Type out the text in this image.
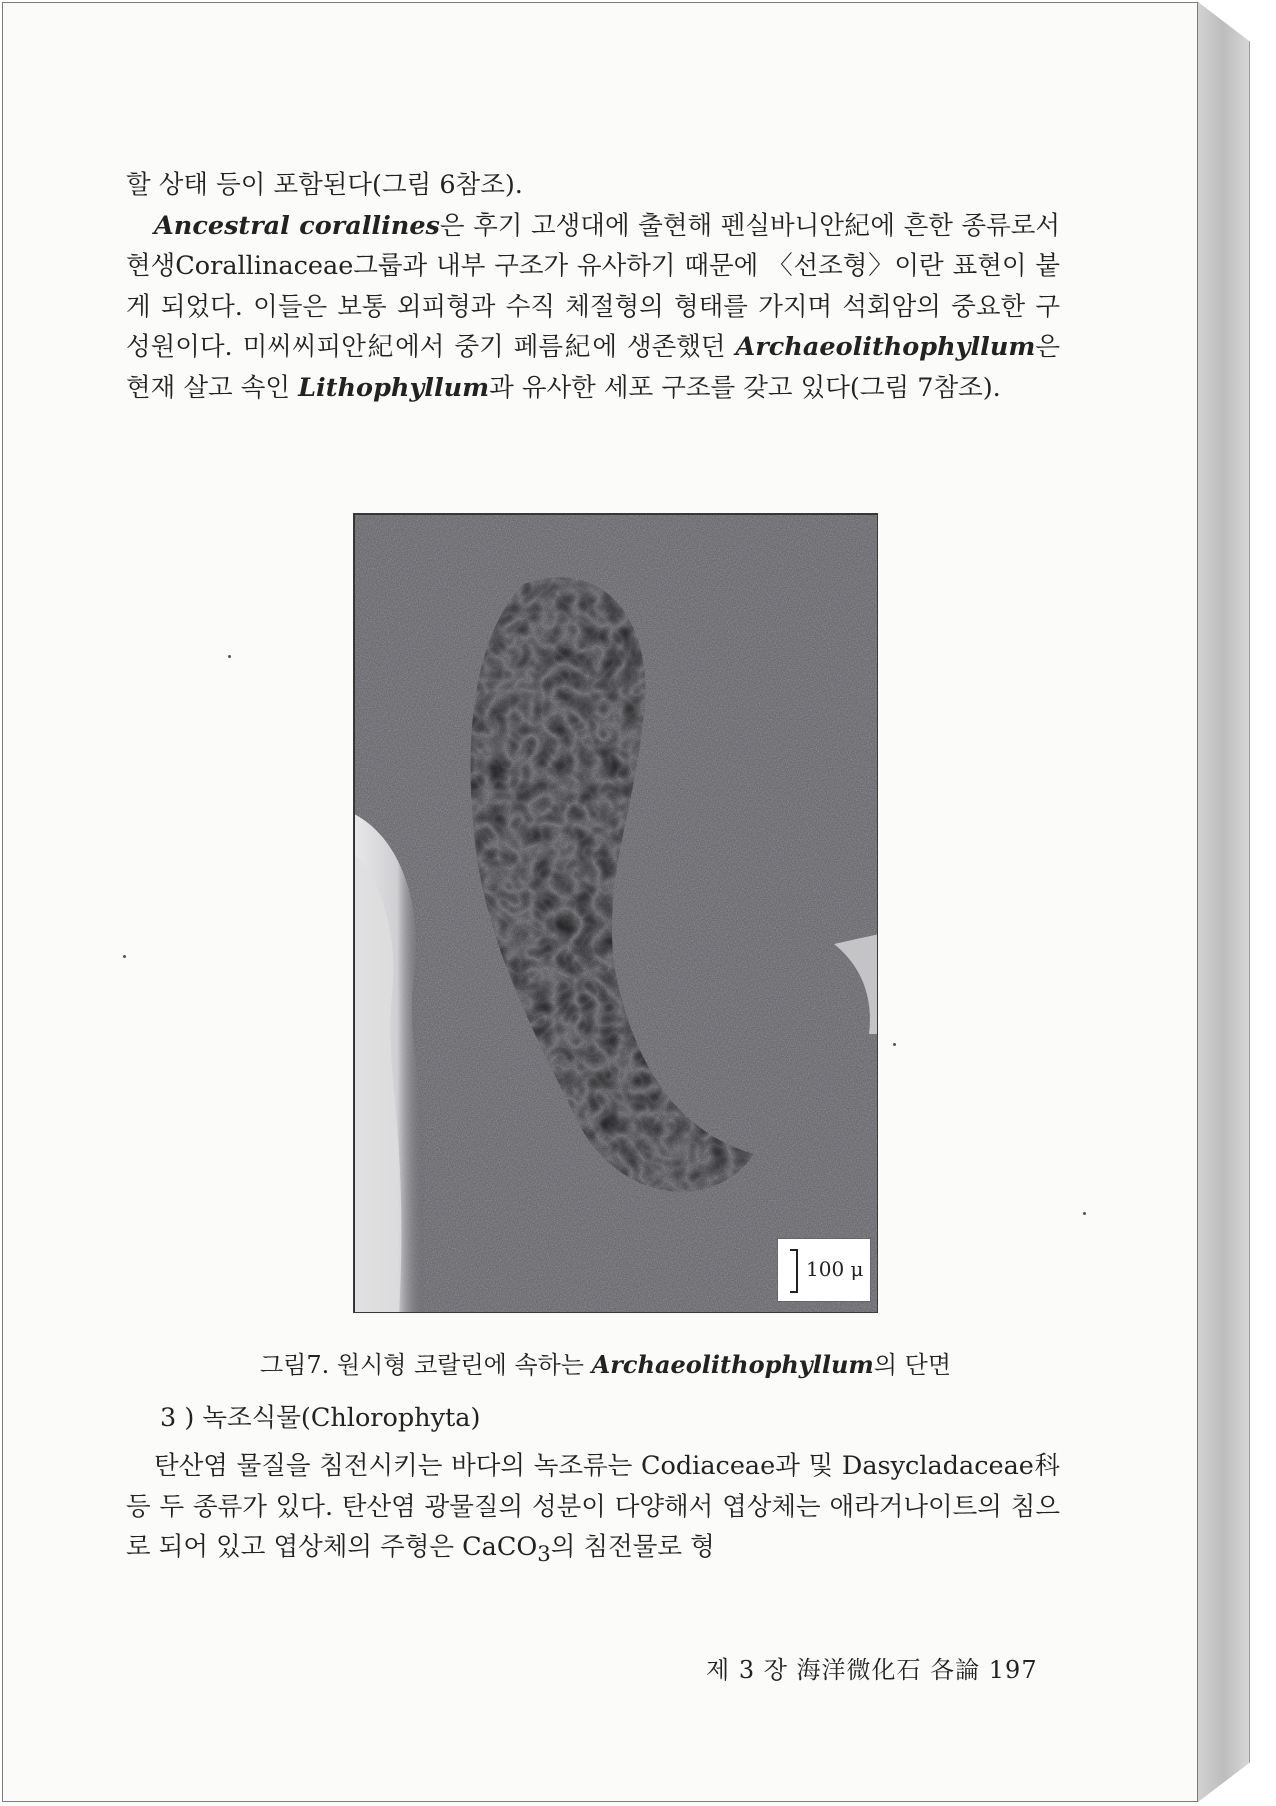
할 상태 등이 포함된다(그림 6참조).

Ancestral corallines은 후기 고생대에 출현해 펜실바니안紀에 흔한 종류로서 현생Corallinaceae그룹과 내부 구조가 유사하기 때문에 〈선조형〉이란 표현이 붙게 되었다. 이들은 보통 외피형과 수직 체절형의 형태를 가지며 석회암의 중요한 구성원이다. 미씨씨피안紀에서 중기 페름紀에 생존했던 Archaeolithophyllum은 현재 살고 속인 Lithophyllum과 유사한 세포 구조를 갖고 있다(그림 7참조).

100 μ
그림7. 원시형 코랄린에 속하는 Archaeolithophyllum의 단면
3 ) 녹조식물(Chlorophyta)

탄산염 물질을 침전시키는 바다의 녹조류는 Codiaceae과 및 Dasycladaceae科 등 두 종류가 있다. 탄산염 광물질의 성분이 다양해서 엽상체는 애라거나이트의 침으로 되어 있고 엽상체의 주형은 CaCO$_3$의 침전물로 형

제 3 장 海洋微化石 各論 197
